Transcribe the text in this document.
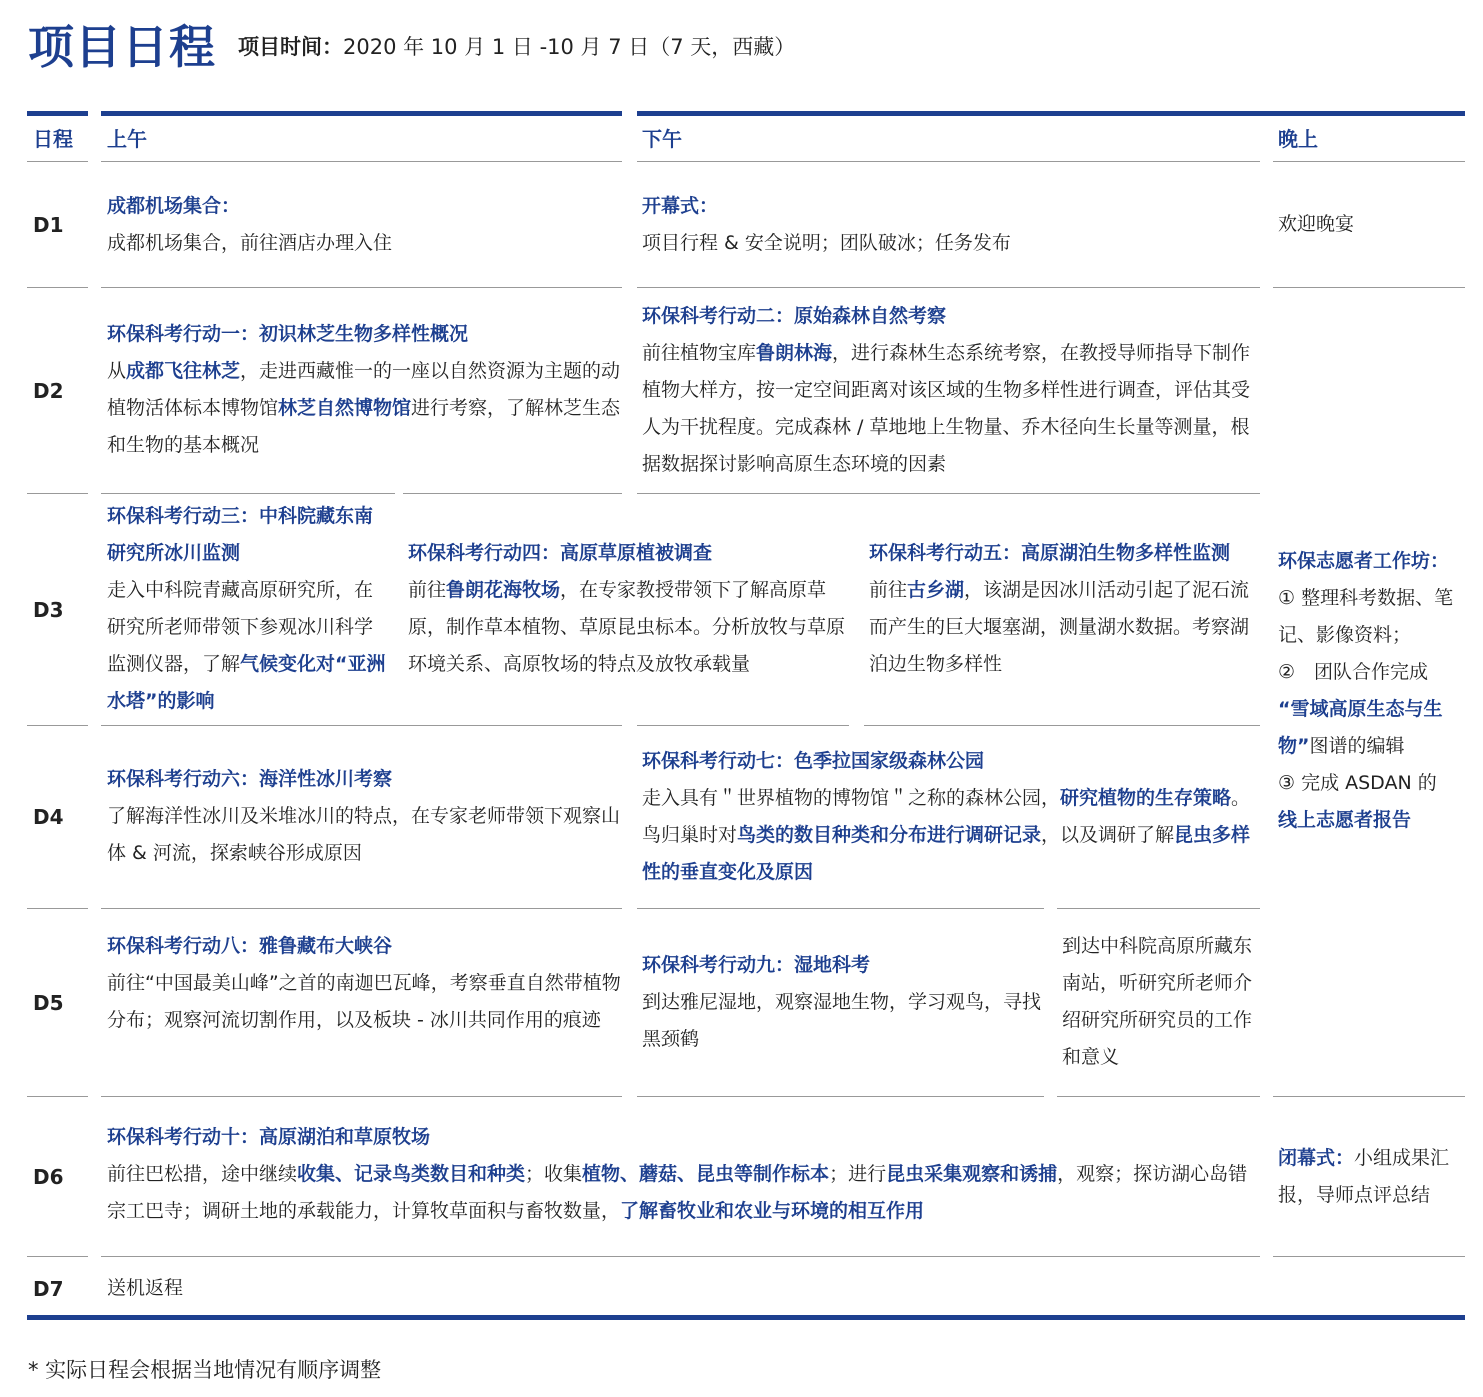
项目日程 项目时间：2020 年 10 月 1 日 -10 月 7 日（7 天，西藏）
日程 上午	下午	晚上
D1
成都机场集合：
成都机场集合，前往酒店办理入住
开幕式：
项目行程 & 安全说明；团队破冰；任务发布
欢迎晚宴
D2
环保科考行动一：初识林芝生物多样性概况
从成都飞往林芝，走进西藏惟一的一座以自然资源为主题的动植物活体标本博物馆林芝自然博物馆进行考察，了解林芝生态和生物的基本概况
环保科考行动二：原始森林自然考察
前往植物宝库鲁朗林海，进行森林生态系统考察，在教授导师指导下制作植物大样方，按一定空间距离对该区域的生物多样性进行调查，评估其受人为干扰程度。完成森林 / 草地地上生物量、乔木径向生长量等测量，根据数据探讨影响高原生态环境的因素
D3
环保科考行动三：中科院藏东南研究所冰川监测
走入中科院青藏高原研究所，在研究所老师带领下参观冰川科学监测仪器，了解气候变化对“亚洲水塔”的影响
环保科考行动四：高原草原植被调查
前往鲁朗花海牧场，在专家教授带领下了解高原草原，制作草本植物、草原昆虫标本。分析放牧与草原环境关系、高原牧场的特点及放牧承载量
环保科考行动五：高原湖泊生物多样性监测
前往古乡湖，该湖是因冰川活动引起了泥石流而产生的巨大堰塞湖，测量湖水数据。考察湖泊边生物多样性
环保志愿者工作坊：
① 整理科考数据、笔记、影像资料；
②　团队合作完成
“雪域高原生态与生物”图谱的编辑
③ 完成 ASDAN 的
线上志愿者报告
D4
环保科考行动六：海洋性冰川考察
了解海洋性冰川及米堆冰川的特点，在专家老师带领下观察山体 & 河流，探索峡谷形成原因
环保科考行动七：色季拉国家级森林公园
走入具有＂世界植物的博物馆＂之称的森林公园，研究植物的生存策略。鸟归巢时对鸟类的数目种类和分布进行调研记录，以及调研了解昆虫多样性的垂直变化及原因
D5
环保科考行动八：雅鲁藏布大峡谷
前往“中国最美山峰”之首的南迦巴瓦峰，考察垂直自然带植物分布；观察河流切割作用，以及板块 - 冰川共同作用的痕迹
环保科考行动九：湿地科考
到达雅尼湿地，观察湿地生物，学习观鸟，寻找黑颈鹤
到达中科院高原所藏东南站，听研究所老师介绍研究所研究员的工作和意义
D6
环保科考行动十：高原湖泊和草原牧场
前往巴松措，途中继续收集、记录鸟类数目和种类；收集植物、蘑菇、昆虫等制作标本；进行昆虫采集观察和诱捕，观察；探访湖心岛错宗工巴寺；调研土地的承载能力，计算牧草面积与畜牧数量，了解畜牧业和农业与环境的相互作用
闭幕式：小组成果汇报，导师点评总结
D7 送机返程
* 实际日程会根据当地情况有顺序调整
